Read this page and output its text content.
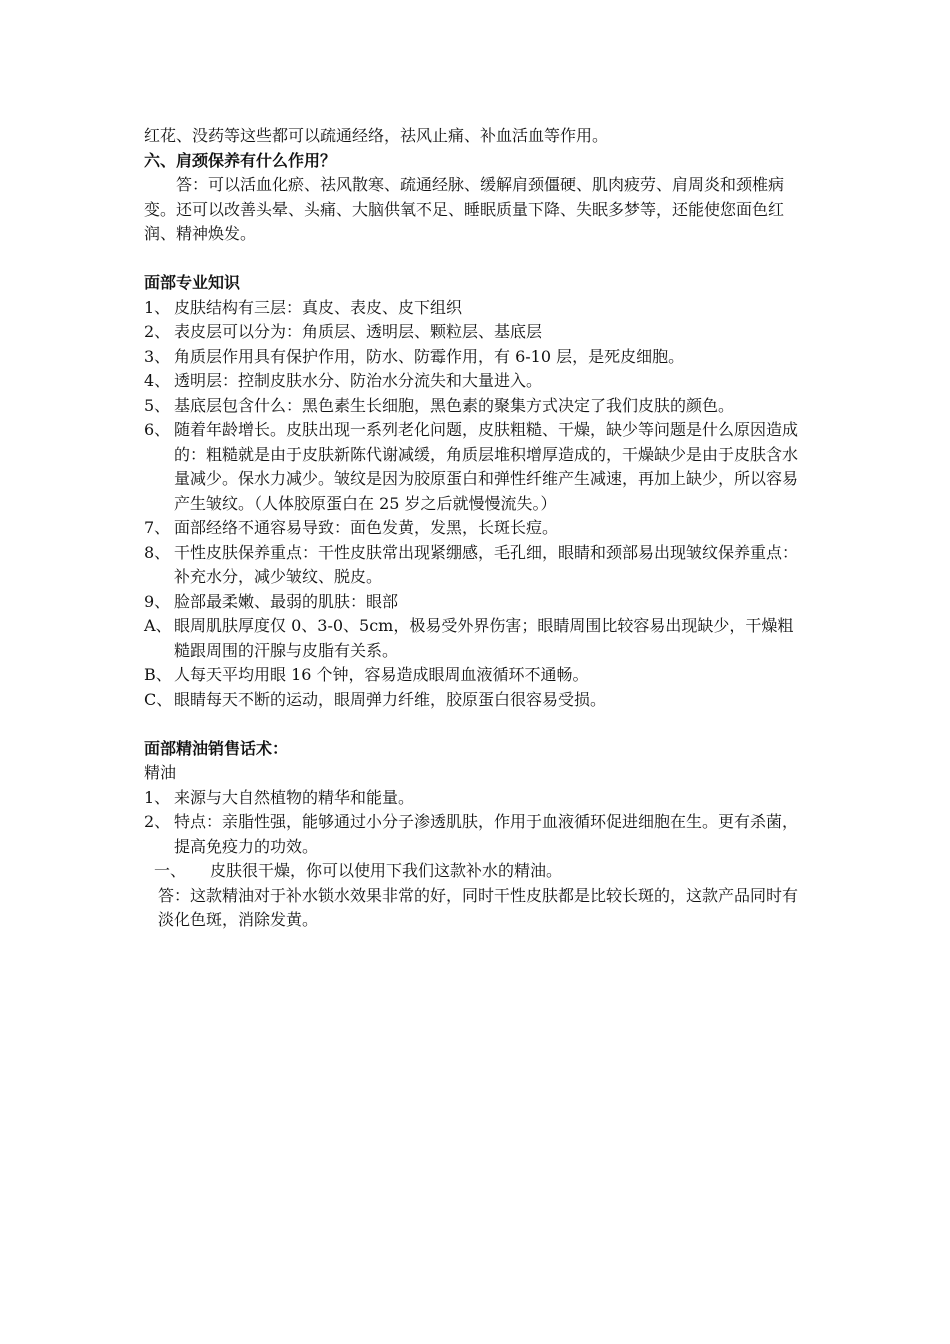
红花、没药等这些都可以疏通经络，祛风止痛、补血活血等作用。

六、肩颈保养有什么作用？

答：可以活血化瘀、祛风散寒、疏通经脉、缓解肩颈僵硬、肌肉疲劳、肩周炎和颈椎病变。还可以改善头晕、头痛、大脑供氧不足、睡眠质量下降、失眠多梦等，还能使您面色红润、精神焕发。

面部专业知识

1、 皮肤结构有三层：真皮、表皮、皮下组织

2、 表皮层可以分为：角质层、透明层、颗粒层、基底层

3、 角质层作用具有保护作用，防水、防霉作用，有 6-10 层，是死皮细胞。

4、 透明层：控制皮肤水分、防治水分流失和大量进入。

5、 基底层包含什么：黑色素生长细胞，黑色素的聚集方式决定了我们皮肤的颜色。

6、 随着年龄增长。皮肤出现一系列老化问题，皮肤粗糙、干燥，缺少等问题是什么原因造成的：粗糙就是由于皮肤新陈代谢减缓，角质层堆积增厚造成的，干燥缺少是由于皮肤含水量减少。保水力减少。皱纹是因为胶原蛋白和弹性纤维产生减速，再加上缺少，所以容易产生皱纹。（人体胶原蛋白在 25 岁之后就慢慢流失。）

7、 面部经络不通容易导致：面色发黄，发黑，长斑长痘。

8、 干性皮肤保养重点：干性皮肤常出现紧绷感，毛孔细，眼睛和颈部易出现皱纹保养重点：补充水分，减少皱纹、脱皮。

9、 脸部最柔嫩、最弱的肌肤：眼部

A、 眼周肌肤厚度仅 0、3-0、5cm，极易受外界伤害；眼睛周围比较容易出现缺少，干燥粗糙跟周围的汗腺与皮脂有关系。

B、 人每天平均用眼 16 个钟，容易造成眼周血液循环不通畅。

C、 眼睛每天不断的运动，眼周弹力纤维，胶原蛋白很容易受损。

面部精油销售话术：

精油

1、 来源与大自然植物的精华和能量。

2、 特点：亲脂性强，能够通过小分子渗透肌肤，作用于血液循环促进细胞在生。更有杀菌，提高免疫力的功效。

一、 皮肤很干燥，你可以使用下我们这款补水的精油。

答：这款精油对于补水锁水效果非常的好，同时干性皮肤都是比较长斑的，这款产品同时有淡化色斑，消除发黄。
